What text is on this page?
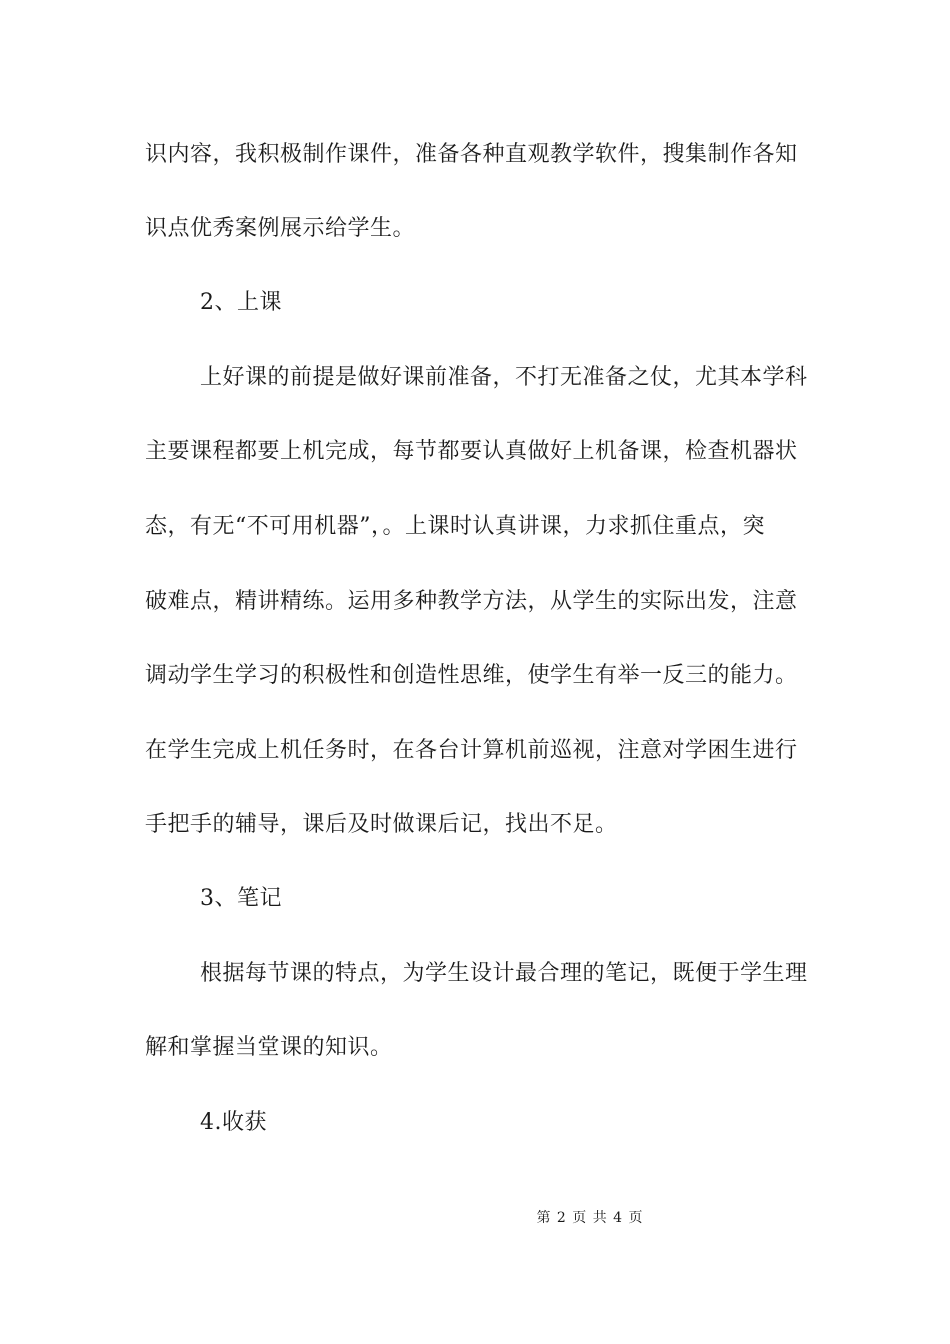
识内容，我积极制作课件，准备各种直观教学软件，搜集制作各知
识点优秀案例展示给学生。
2、上课
上好课的前提是做好课前准备，不打无准备之仗，尤其本学科
主要课程都要上机完成，每节都要认真做好上机备课，检查机器状
态，有无“不可用机器”，。上课时认真讲课，力求抓住重点，突
破难点，精讲精练。运用多种教学方法，从学生的实际出发，注意
调动学生学习的积极性和创造性思维，使学生有举一反三的能力。
在学生完成上机任务时，在各台计算机前巡视，注意对学困生进行
手把手的辅导，课后及时做课后记，找出不足。
3、笔记
根据每节课的特点，为学生设计最合理的笔记，既便于学生理
解和掌握当堂课的知识。
4.收获
第 2 页 共 4 页
